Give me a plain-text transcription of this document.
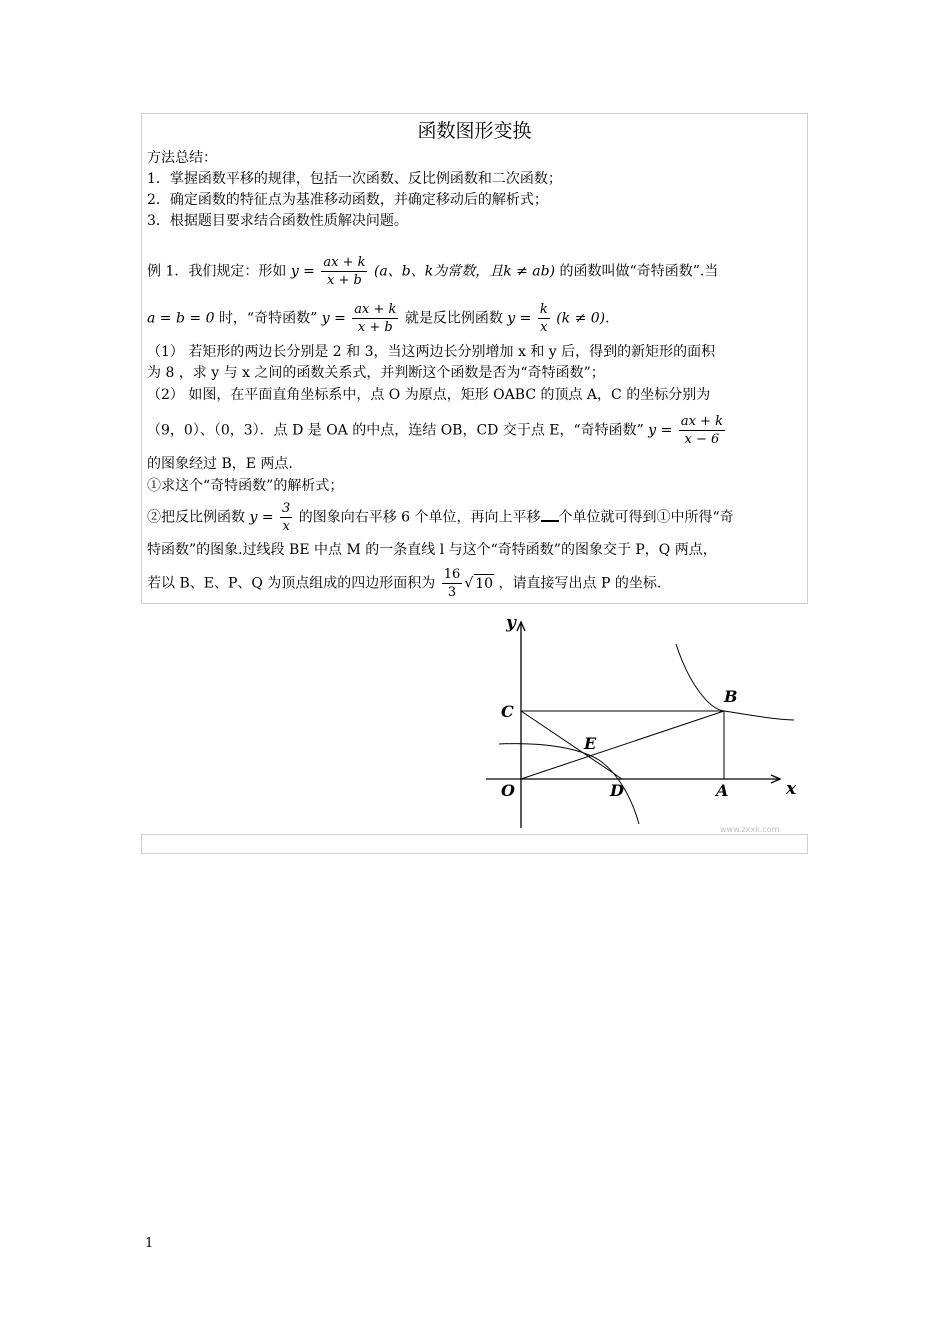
函数图形变换
方法总结：
1．掌握函数平移的规律，包括一次函数、反比例函数和二次函数；
2．确定函数的特征点为基准移动函数，并确定移动后的解析式；
3．根据题目要求结合函数性质解决问题。
例 1．我们规定：形如 $y = \frac{ax + k}{x + b} (a$、b、k为常数，且k ≠ ab) 的函数叫做“奇特函数”.当
a = b = 0 时，“奇特函数” $y = \frac{ax + k}{x + b}$ 就是反比例函数 $y = \frac{k}{x} (k \ne 0)$.
（1） 若矩形的两边长分别是 2 和 3，当这两边长分别增加 x 和 y 后，得到的新矩形的面积
为 8 ，求 y 与 x 之间的函数关系式，并判断这个函数是否为“奇特函数”；
（2） 如图，在平面直角坐标系中，点 O 为原点，矩形 OABC 的顶点 A，C 的坐标分别为
（9，0）、（0，3）．点 D 是 OA 的中点，连结 OB，CD 交于点 E，“奇特函数” $y = \frac{ax + k}{x - 6}$
的图象经过 B，E 两点.
①求这个“奇特函数”的解析式；
②把反比例函数 $y = \frac{3}{x}$ 的图象向右平移 6 个单位，再向上平移 个单位就可得到①中所得“奇
特函数”的图象.过线段 BE 中点 M 的一条直线 l 与这个“奇特函数”的图象交于 P，Q 两点，
若以 B、E、P、Q 为顶点组成的四边形面积为 $\frac{16}{3}$ √ 10 ，请直接写出点 P 的坐标.
y
x
O	A
B
C
D
E
www.zxxk.com
1
